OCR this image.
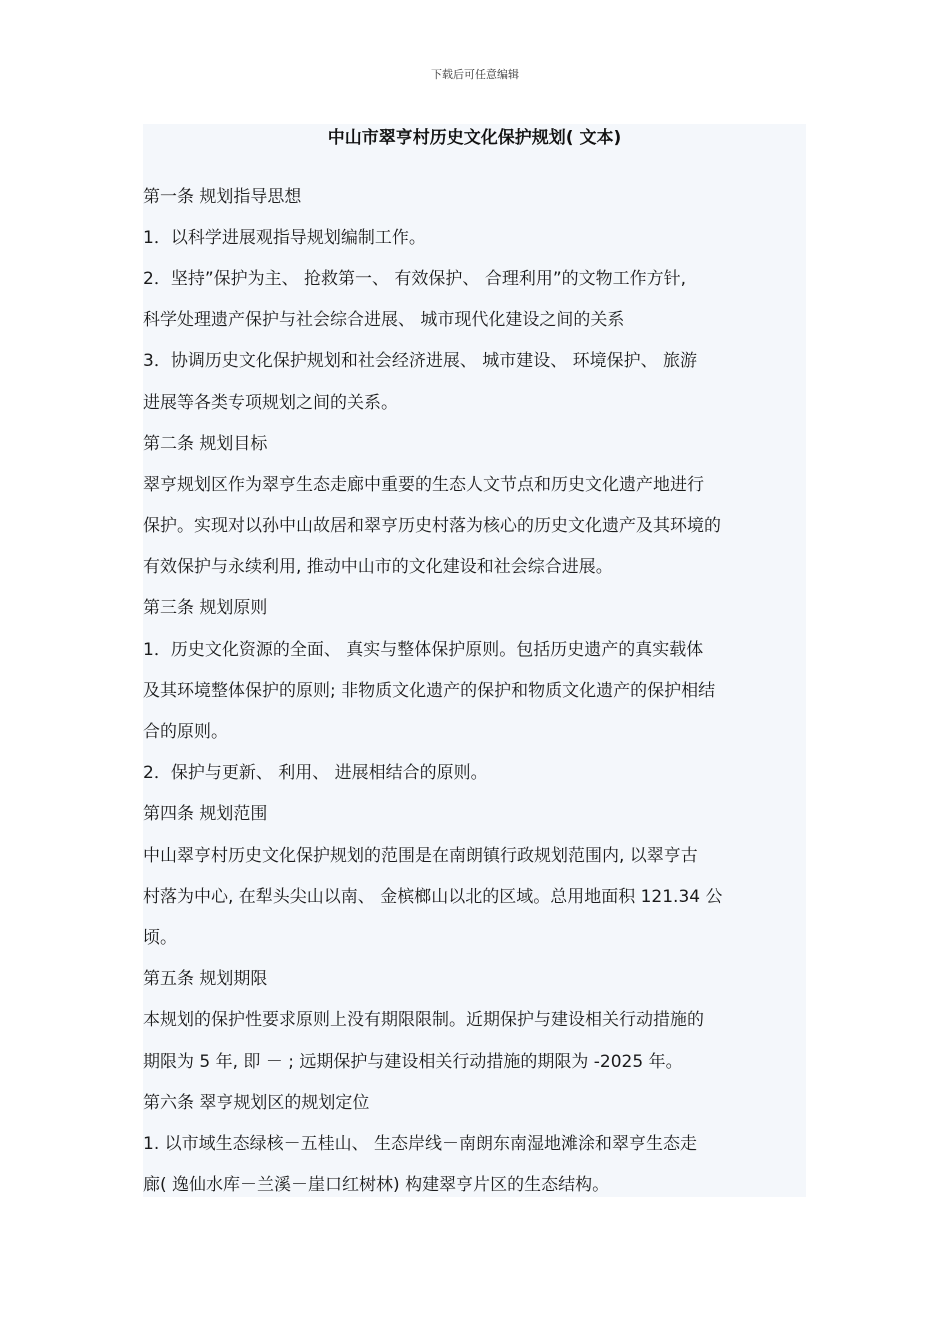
下载后可任意编辑
中山市翠亨村历史文化保护规划( 文本)
第一条 规划指导思想
1．以科学进展观指导规划编制工作。
2．坚持”保护为主、 抢救第一、 有效保护、 合理利用”的文物工作方针,
科学处理遗产保护与社会综合进展、 城市现代化建设之间的关系
3．协调历史文化保护规划和社会经济进展、 城市建设、 环境保护、 旅游
进展等各类专项规划之间的关系。
第二条 规划目标
翠亨规划区作为翠亨生态走廊中重要的生态人文节点和历史文化遗产地进行
保护。实现对以孙中山故居和翠亨历史村落为核心的历史文化遗产及其环境的
有效保护与永续利用, 推动中山市的文化建设和社会综合进展。
第三条 规划原则
1．历史文化资源的全面、 真实与整体保护原则。包括历史遗产的真实载体
及其环境整体保护的原则; 非物质文化遗产的保护和物质文化遗产的保护相结
合的原则。
2．保护与更新、 利用、 进展相结合的原则。
第四条 规划范围
中山翠亨村历史文化保护规划的范围是在南朗镇行政规划范围内, 以翠亨古
村落为中心, 在犁头尖山以南、 金槟榔山以北的区域。总用地面积 121.34 公
顷。
第五条 规划期限
本规划的保护性要求原则上没有期限限制。近期保护与建设相关行动措施的
期限为 5 年, 即 － ; 远期保护与建设相关行动措施的期限为 -2025 年。
第六条 翠亨规划区的规划定位
1. 以市域生态绿核－五桂山、 生态岸线－南朗东南湿地滩涂和翠亨生态走
廊( 逸仙水库－兰溪－崖口红树林) 构建翠亨片区的生态结构。
